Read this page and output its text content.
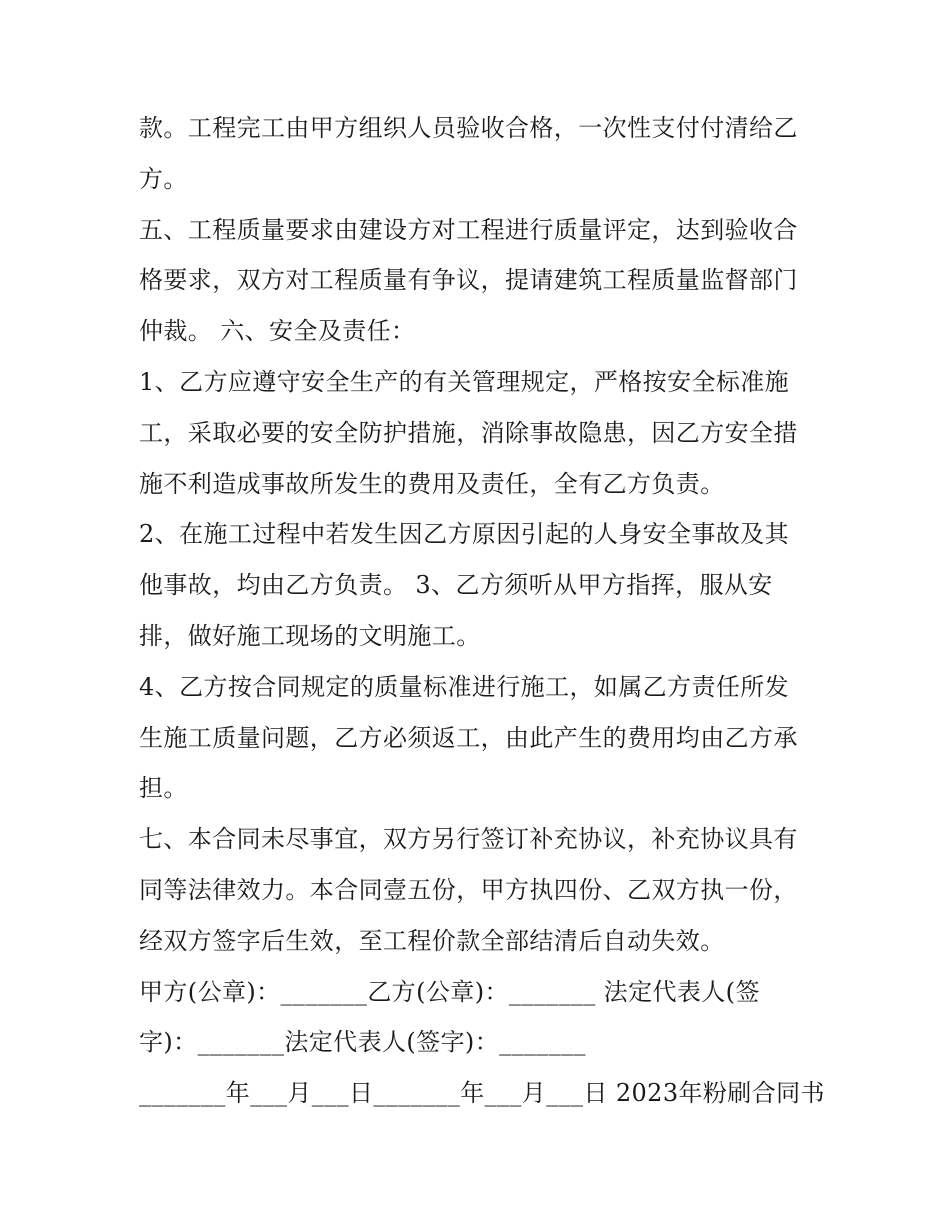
款。工程完工由甲方组织人员验收合格，一次性支付付清给乙
方。

五、工程质量要求由建设方对工程进行质量评定，达到验收合
格要求，双方对工程质量有争议，提请建筑工程质量监督部门
仲裁。 六、安全及责任：

1、乙方应遵守安全生产的有关管理规定，严格按安全标准施
工，采取必要的安全防护措施，消除事故隐患，因乙方安全措
施不利造成事故所发生的费用及责任，全有乙方负责。

2、在施工过程中若发生因乙方原因引起的人身安全事故及其
他事故，均由乙方负责。 3、乙方须听从甲方指挥，服从安
排，做好施工现场的文明施工。

4、乙方按合同规定的质量标准进行施工，如属乙方责任所发
生施工质量问题，乙方必须返工，由此产生的费用均由乙方承
担。

七、本合同未尽事宜，双方另行签订补充协议，补充协议具有
同等法律效力。本合同壹五份，甲方执四份、乙双方执一份，
经双方签字后生效，至工程价款全部结清后自动失效。

甲方(公章)：_______乙方(公章)：_______ 法定代表人(签
字)：_______法定代表人(签字)：_______

_______年___月___日_______年___月___日 2023年粉刷合同书
